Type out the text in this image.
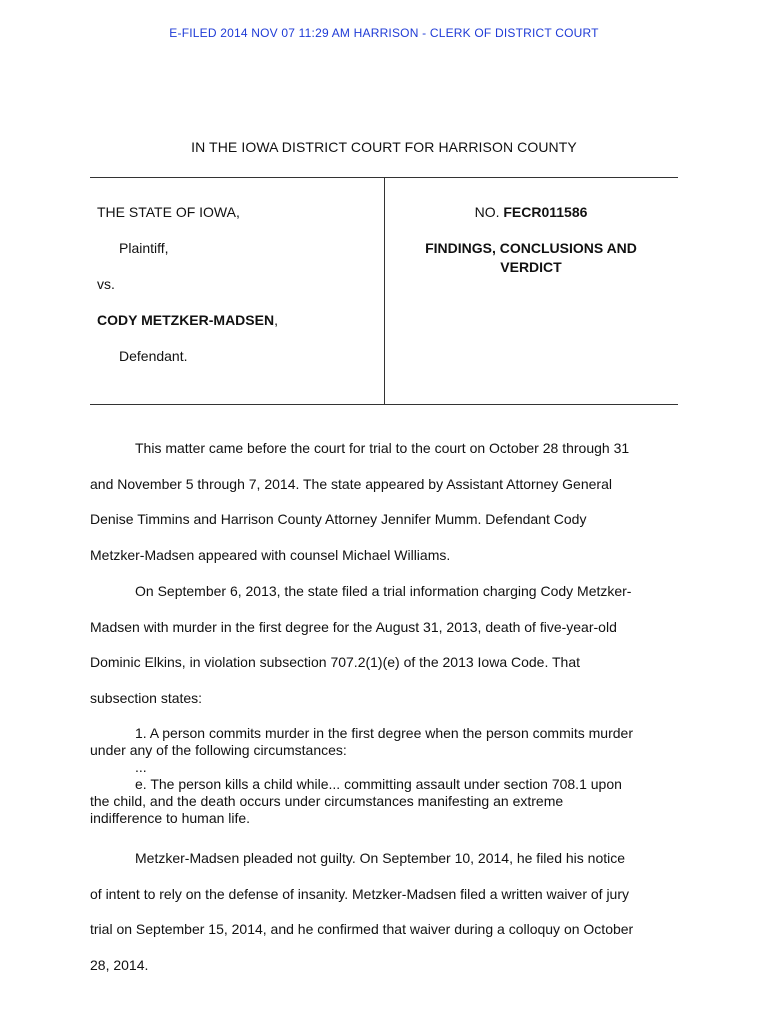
E-FILED 2014 NOV 07 11:29 AM HARRISON - CLERK OF DISTRICT COURT
IN THE IOWA DISTRICT COURT FOR HARRISON COUNTY
THE STATE OF IOWA,
Plaintiff,
vs.
CODY METZKER-MADSEN,
Defendant.
NO. FECR011586
FINDINGS, CONCLUSIONS AND
VERDICT
This matter came before the court for trial to the court on October 28 through 31
and November 5 through 7, 2014. The state appeared by Assistant Attorney General
Denise Timmins and Harrison County Attorney Jennifer Mumm. Defendant Cody
Metzker-Madsen appeared with counsel Michael Williams.
On September 6, 2013, the state filed a trial information charging Cody Metzker-
Madsen with murder in the first degree for the August 31, 2013, death of five-year-old
Dominic Elkins, in violation subsection 707.2(1)(e) of the 2013 Iowa Code. That
subsection states:
1. A person commits murder in the first degree when the person commits murder
under any of the following circumstances:
...
e. The person kills a child while... committing assault under section 708.1 upon
the child, and the death occurs under circumstances manifesting an extreme
indifference to human life.
Metzker-Madsen pleaded not guilty. On September 10, 2014, he filed his notice
of intent to rely on the defense of insanity. Metzker-Madsen filed a written waiver of jury
trial on September 15, 2014, and he confirmed that waiver during a colloquy on October
28, 2014.
